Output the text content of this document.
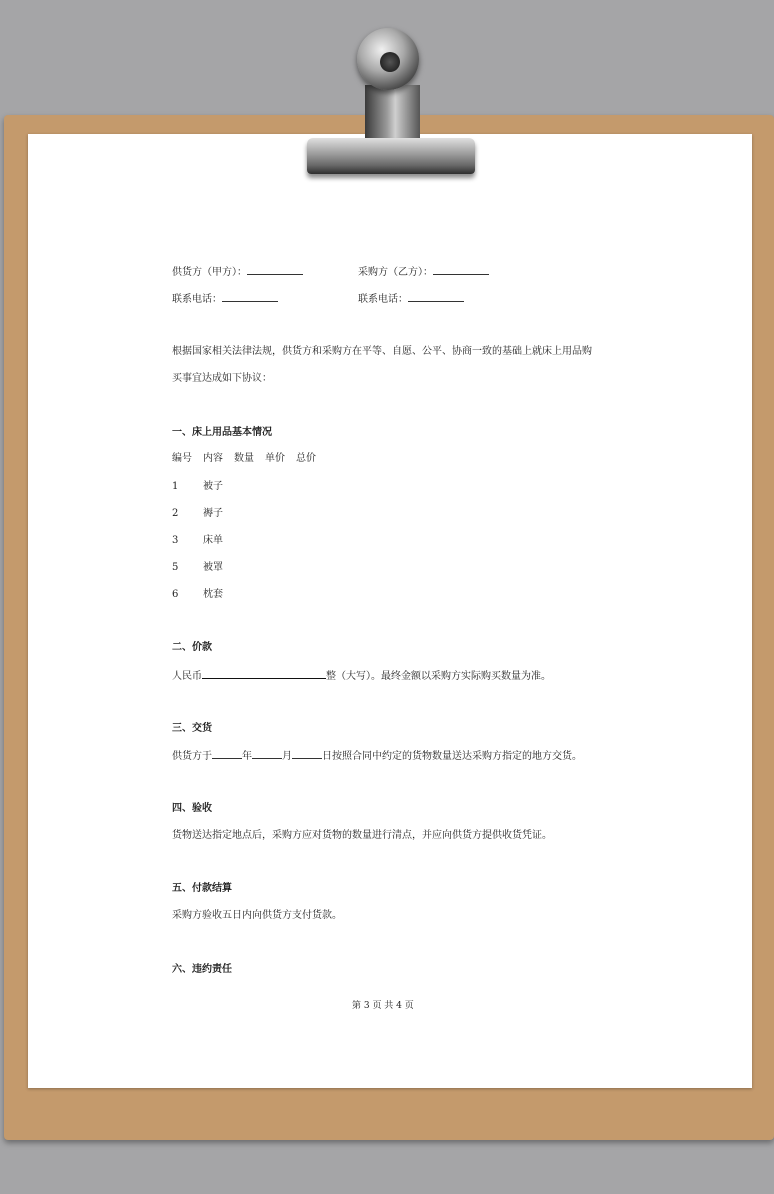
供货方（甲方）：	采购方（乙方）：
联系电话：	联系电话：
根据国家相关法律法规，供货方和采购方在平等、自愿、公平、协商一致的基础上就床上用品购
买事宜达成如下协议：
一、床上用品基本情况
编号 内容 数量 单价 总价
1 被子
2 褥子
3 床单
5 被罩
6 枕套
二、价款
人民币	整（大写）。最终金额以采购方实际购买数量为准。
三、交货
供货方于	年	月	日按照合同中约定的货物数量送达采购方指定的地方交货。
四、验收
货物送达指定地点后，采购方应对货物的数量进行清点，并应向供货方提供收货凭证。
五、付款结算
采购方验收五日内向供货方支付货款。
六、违约责任
第 3 页 共 4 页
